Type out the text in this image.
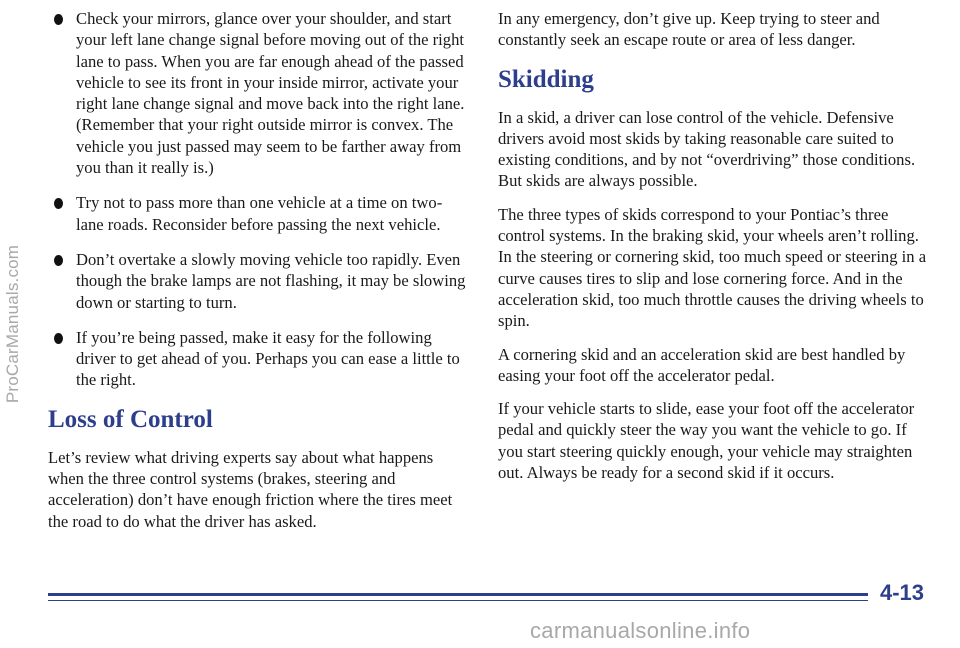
ProCarManuals.com
Check your mirrors, glance over your shoulder, and start your left lane change signal before moving out of the right lane to pass. When you are far enough ahead of the passed vehicle to see its front in your inside mirror, activate your right lane change signal and move back into the right lane. (Remember that your right outside mirror is convex. The vehicle you just passed may seem to be farther away from you than it really is.)
Try not to pass more than one vehicle at a time on two-lane roads. Reconsider before passing the next vehicle.
Don’t overtake a slowly moving vehicle too rapidly. Even though the brake lamps are not flashing, it may be slowing down or starting to turn.
If you’re being passed, make it easy for the following driver to get ahead of you. Perhaps you can ease a little to the right.
Loss of Control

Let’s review what driving experts say about what happens when the three control systems (brakes, steering and acceleration) don’t have enough friction where the tires meet the road to do what the driver has asked.

In any emergency, don’t give up. Keep trying to steer and constantly seek an escape route or area of less danger.

Skidding

In a skid, a driver can lose control of the vehicle. Defensive drivers avoid most skids by taking reasonable care suited to existing conditions, and by not “overdriving” those conditions. But skids are always possible.

The three types of skids correspond to your Pontiac’s three control systems. In the braking skid, your wheels aren’t rolling. In the steering or cornering skid, too much speed or steering in a curve causes tires to slip and lose cornering force. And in the acceleration skid, too much throttle causes the driving wheels to spin.

A cornering skid and an acceleration skid are best handled by easing your foot off the accelerator pedal.

If your vehicle starts to slide, ease your foot off the accelerator pedal and quickly steer the way you want the vehicle to go. If you start steering quickly enough, your vehicle may straighten out. Always be ready for a second skid if it occurs.

4-13
carmanualsonline.info
